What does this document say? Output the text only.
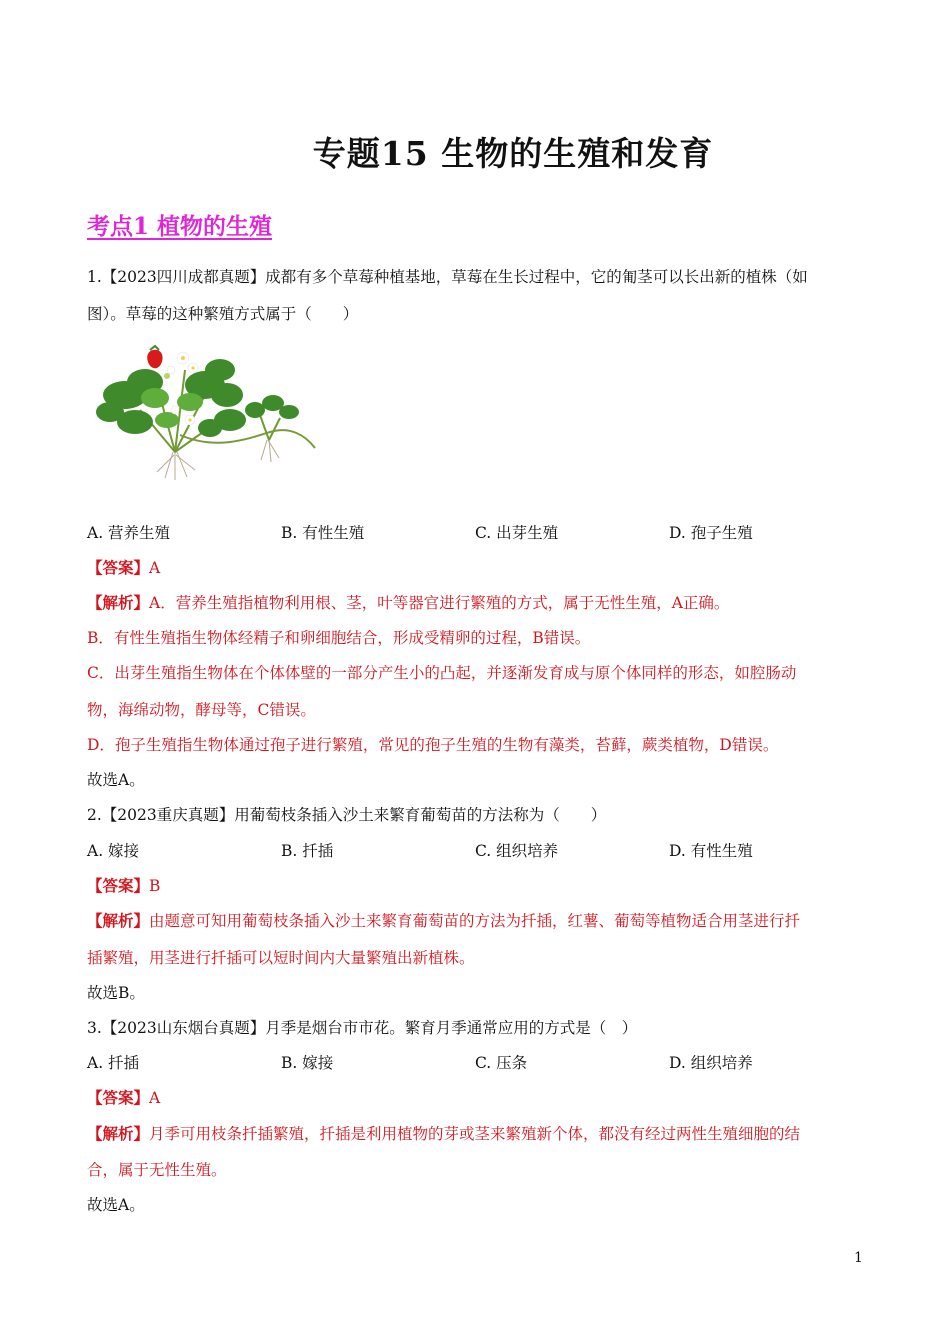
专题15 生物的生殖和发育
考点1 植物的生殖
1.【2023四川成都真题】成都有多个草莓种植基地，草莓在生长过程中，它的匍茎可以长出新的植株（如
图）。草莓的这种繁殖方式属于（　　）
A. 营养生殖	B. 有性生殖	C. 出芽生殖	D. 孢子生殖
【答案】A
【解析】A．营养生殖指植物利用根、茎，叶等器官进行繁殖的方式，属于无性生殖，A正确。
B．有性生殖指生物体经精子和卵细胞结合，形成受精卵的过程，B错误。
C．出芽生殖指生物体在个体体壁的一部分产生小的凸起，并逐渐发育成与原个体同样的形态，如腔肠动
物，海绵动物，酵母等，C错误。
D．孢子生殖指生物体通过孢子进行繁殖，常见的孢子生殖的生物有藻类，苔藓，蕨类植物，D错误。
故选A。
2.【2023重庆真题】用葡萄枝条插入沙土来繁育葡萄苗的方法称为（　　）
A. 嫁接	B. 扦插	C. 组织培养	D. 有性生殖
【答案】B
【解析】由题意可知用葡萄枝条插入沙土来繁育葡萄苗的方法为扦插，红薯、葡萄等植物适合用茎进行扦
插繁殖，用茎进行扦插可以短时间内大量繁殖出新植株。
故选B。
3.【2023山东烟台真题】月季是烟台市市花。繁育月季通常应用的方式是（　）
A. 扦插	B. 嫁接	C. 压条	D. 组织培养
【答案】A
【解析】月季可用枝条扦插繁殖，扦插是利用植物的芽或茎来繁殖新个体，都没有经过两性生殖细胞的结
合，属于无性生殖。
故选A。
1
